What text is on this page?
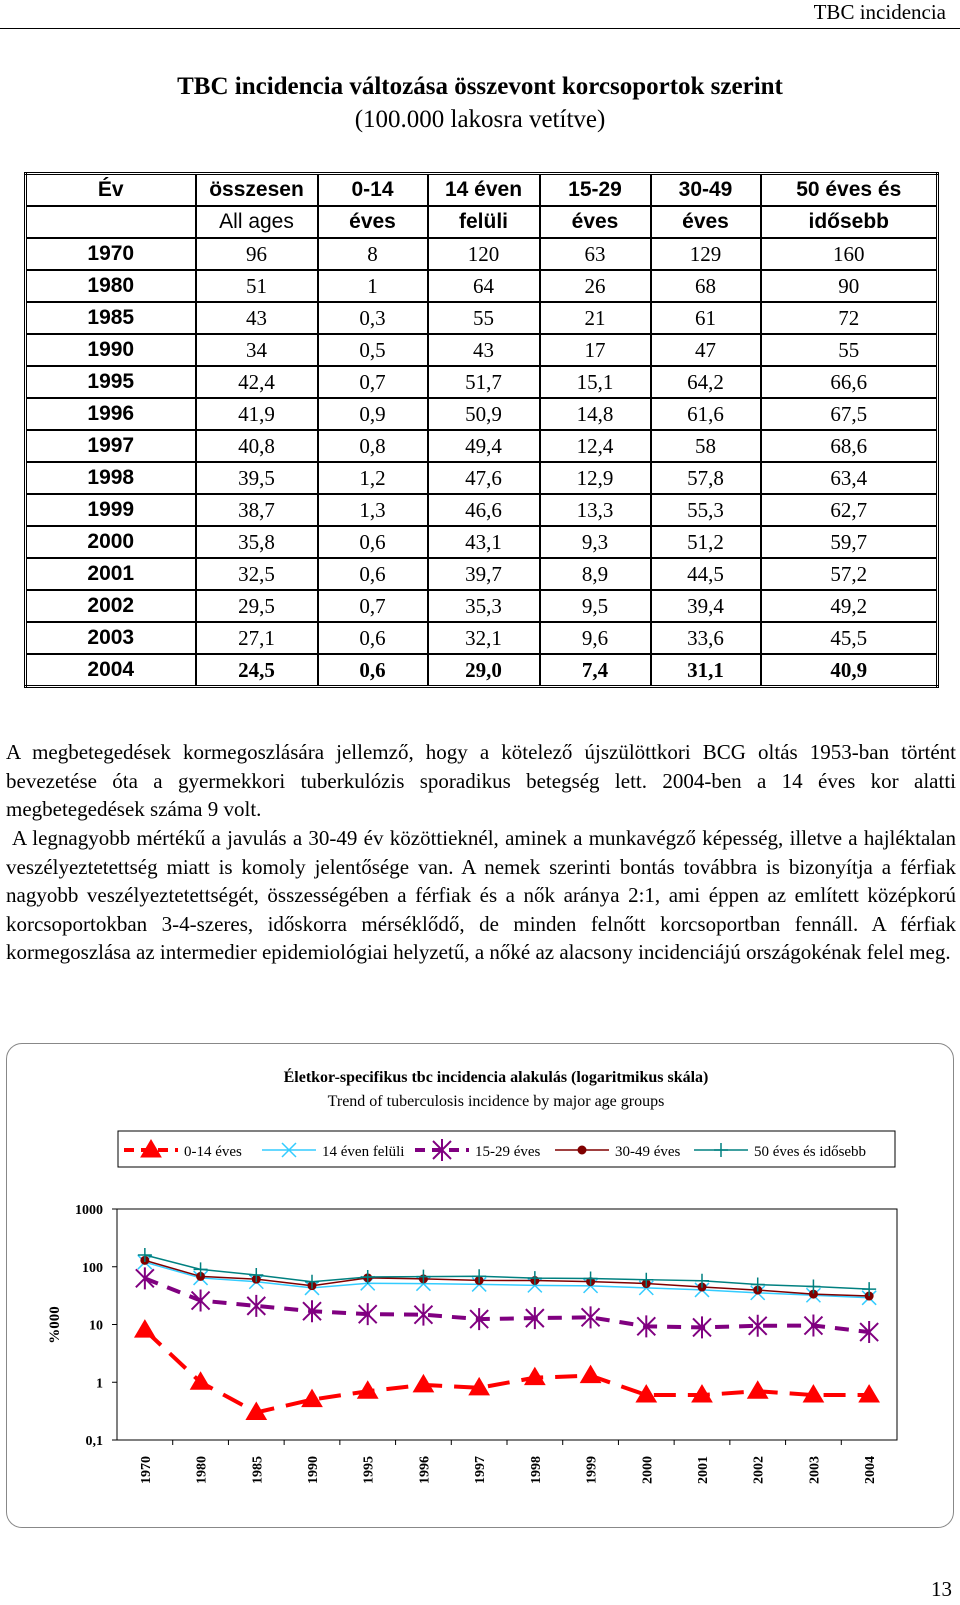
TBC incidencia
TBC incidencia változása összevont korcsoportok szerint
(100.000 lakosra vetítve)
Év	összesen	0-14	14 éven	15-29	30-49	50 éves és
	All ages	éves	felüli	éves	éves	idősebb
1970	96	8	120	63	129	160
1980	51	1	64	26	68	90
1985	43	0,3	55	21	61	72
1990	34	0,5	43	17	47	55
1995	42,4	0,7	51,7	15,1	64,2	66,6
1996	41,9	0,9	50,9	14,8	61,6	67,5
1997	40,8	0,8	49,4	12,4	58	68,6
1998	39,5	1,2	47,6	12,9	57,8	63,4
1999	38,7	1,3	46,6	13,3	55,3	62,7
2000	35,8	0,6	43,1	9,3	51,2	59,7
2001	32,5	0,6	39,7	8,9	44,5	57,2
2002	29,5	0,7	35,3	9,5	39,4	49,2
2003	27,1	0,6	32,1	9,6	33,6	45,5
2004	24,5	0,6	29,0	7,4	31,1	40,9
A megbetegedések kormegoszlására jellemző, hogy a kötelező újszülöttkori BCG oltás 1953-ban történt bevezetése óta a gyermekkori tuberkulózis sporadikus betegség lett. 2004-ben a 14 éves kor alatti megbetegedések száma 9 volt.
A legnagyobb mértékű a javulás a 30-49 év közöttieknél, aminek a munkavégző képesség, illetve a hajléktalan veszélyeztetettség miatt is komoly jelentősége van. A nemek szerinti bontás továbbra is bizonyítja a férfiak nagyobb veszélyeztetettségét, összességében a férfiak és a nők aránya 2:1, ami éppen az említett középkorú korcsoportokban 3-4-szeres, időskorra mérséklődő, de minden felnőtt korcsoportban fennáll. A férfiak kormegoszlása az intermedier epidemiológiai helyzetű, a nőké az alacsony incidenciájú országokénak felel meg.
Életkor-specifikus tbc incidencia alakulás (logaritmikus skála)
Trend of tuberculosis incidence by major age groups
1000
100
10
1
0,1
%000
1970	1980	1985	1990	1995	1996	1997	1998	1999	2000	2001	2002	2003	2004
0-14 éves	14 éven felüli	15-29 éves	30-49 éves	50 éves és idősebb
13
